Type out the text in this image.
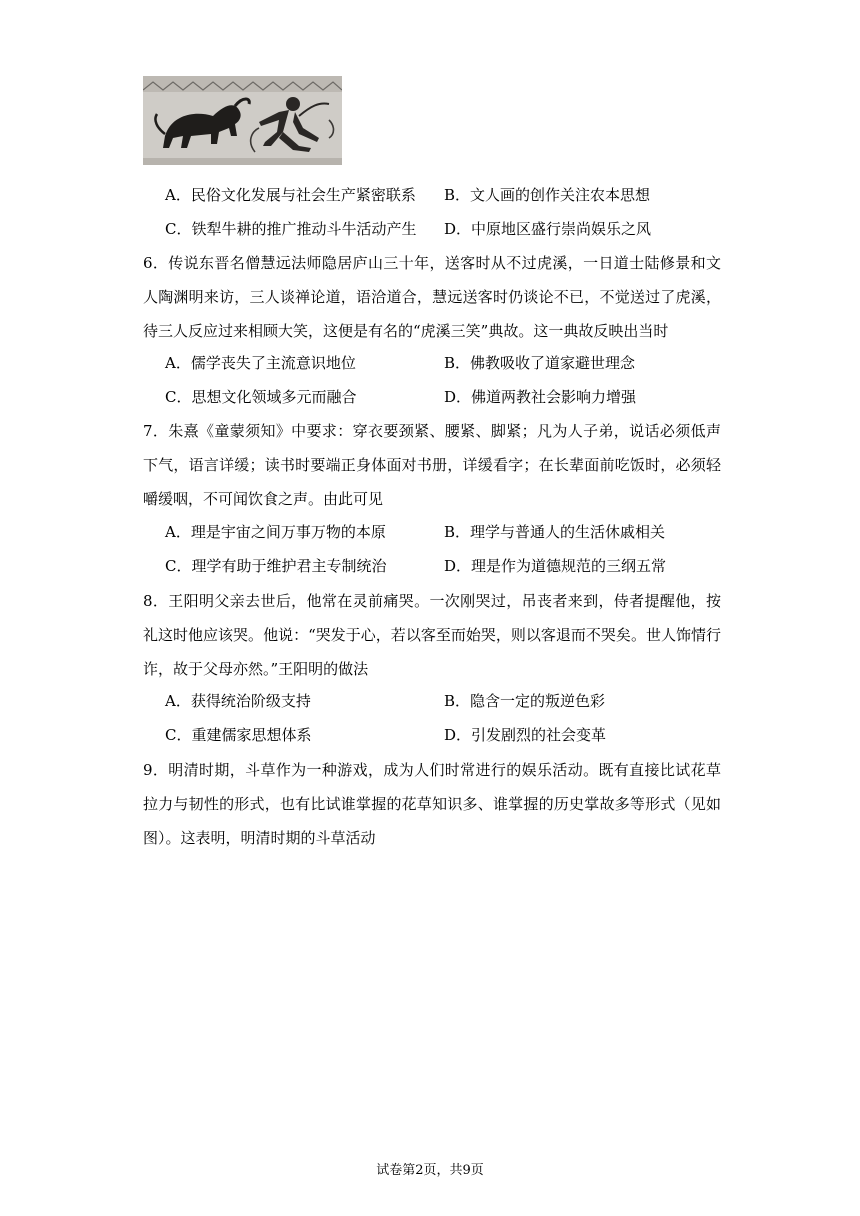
A．民俗文化发展与社会生产紧密联系 B．文人画的创作关注农本思想
C．铁犁牛耕的推广推动斗牛活动产生 D．中原地区盛行崇尚娱乐之风
6．传说东晋名僧慧远法师隐居庐山三十年，送客时从不过虎溪，一日道士陆修景和文人陶渊明来访，三人谈禅论道，语洽道合，慧远送客时仍谈论不已，不觉送过了虎溪，待三人反应过来相顾大笑，这便是有名的“虎溪三笑”典故。这一典故反映出当时
A．儒学丧失了主流意识地位	B．佛教吸收了道家避世理念
C．思想文化领域多元而融合	D．佛道两教社会影响力增强
7．朱熹《童蒙须知》中要求：穿衣要颈紧、腰紧、脚紧；凡为人子弟，说话必须低声下气，语言详缓；读书时要端正身体面对书册，详缓看字；在长辈面前吃饭时，必须轻嚼缓咽，不可闻饮食之声。由此可见
A．理是宇宙之间万事万物的本原	B．理学与普通人的生活休戚相关
C．理学有助于维护君主专制统治	D．理是作为道德规范的三纲五常
8．王阳明父亲去世后，他常在灵前痛哭。一次刚哭过，吊丧者来到，侍者提醒他，按礼这时他应该哭。他说：“哭发于心，若以客至而始哭，则以客退而不哭矣。世人饰情行诈，故于父母亦然。”王阳明的做法
A．获得统治阶级支持	B．隐含一定的叛逆色彩
C．重建儒家思想体系	D．引发剧烈的社会变革
9．明清时期，斗草作为一种游戏，成为人们时常进行的娱乐活动。既有直接比试花草拉力与韧性的形式，也有比试谁掌握的花草知识多、谁掌握的历史掌故多等形式（见如图）。这表明，明清时期的斗草活动
试卷第2页，共9页
